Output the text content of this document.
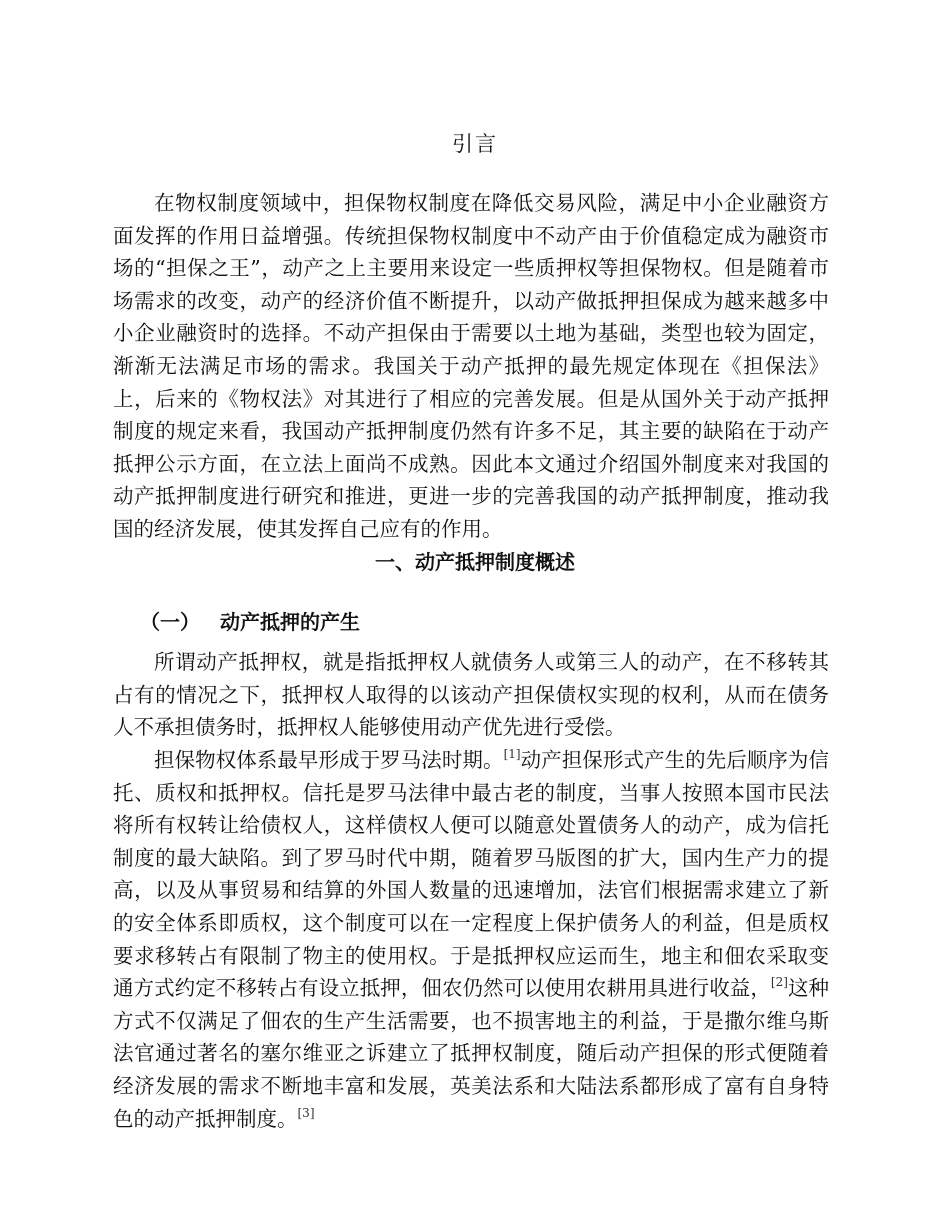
引言

在物权制度领域中，担保物权制度在降低交易风险，满足中小企业融资方面发挥的作用日益增强。传统担保物权制度中不动产由于价值稳定成为融资市场的“担保之王”，动产之上主要用来设定一些质押权等担保物权。但是随着市场需求的改变，动产的经济价值不断提升，以动产做抵押担保成为越来越多中小企业融资时的选择。不动产担保由于需要以土地为基础，类型也较为固定，渐渐无法满足市场的需求。我国关于动产抵押的最先规定体现在《担保法》上，后来的《物权法》对其进行了相应的完善发展。但是从国外关于动产抵押制度的规定来看，我国动产抵押制度仍然有许多不足，其主要的缺陷在于动产抵押公示方面，在立法上面尚不成熟。因此本文通过介绍国外制度来对我国的动产抵押制度进行研究和推进，更进一步的完善我国的动产抵押制度，推动我国的经济发展，使其发挥自己应有的作用。

一、动产抵押制度概述
（一） 动产抵押的产生

所谓动产抵押权，就是指抵押权人就债务人或第三人的动产，在不移转其占有的情况之下，抵押权人取得的以该动产担保债权实现的权利，从而在债务人不承担债务时，抵押权人能够使用动产优先进行受偿。

担保物权体系最早形成于罗马法时期。[1]动产担保形式产生的先后顺序为信托、质权和抵押权。信托是罗马法律中最古老的制度，当事人按照本国市民法将所有权转让给债权人，这样债权人便可以随意处置债务人的动产，成为信托制度的最大缺陷。到了罗马时代中期，随着罗马版图的扩大，国内生产力的提高，以及从事贸易和结算的外国人数量的迅速增加，法官们根据需求建立了新的安全体系即质权，这个制度可以在一定程度上保护债务人的利益，但是质权要求移转占有限制了物主的使用权。于是抵押权应运而生，地主和佃农采取变通方式约定不移转占有设立抵押，佃农仍然可以使用农耕用具进行收益，[2]这种方式不仅满足了佃农的生产生活需要，也不损害地主的利益，于是撒尔维乌斯法官通过著名的塞尔维亚之诉建立了抵押权制度，随后动产担保的形式便随着经济发展的需求不断地丰富和发展，英美法系和大陆法系都形成了富有自身特色的动产抵押制度。[3]
